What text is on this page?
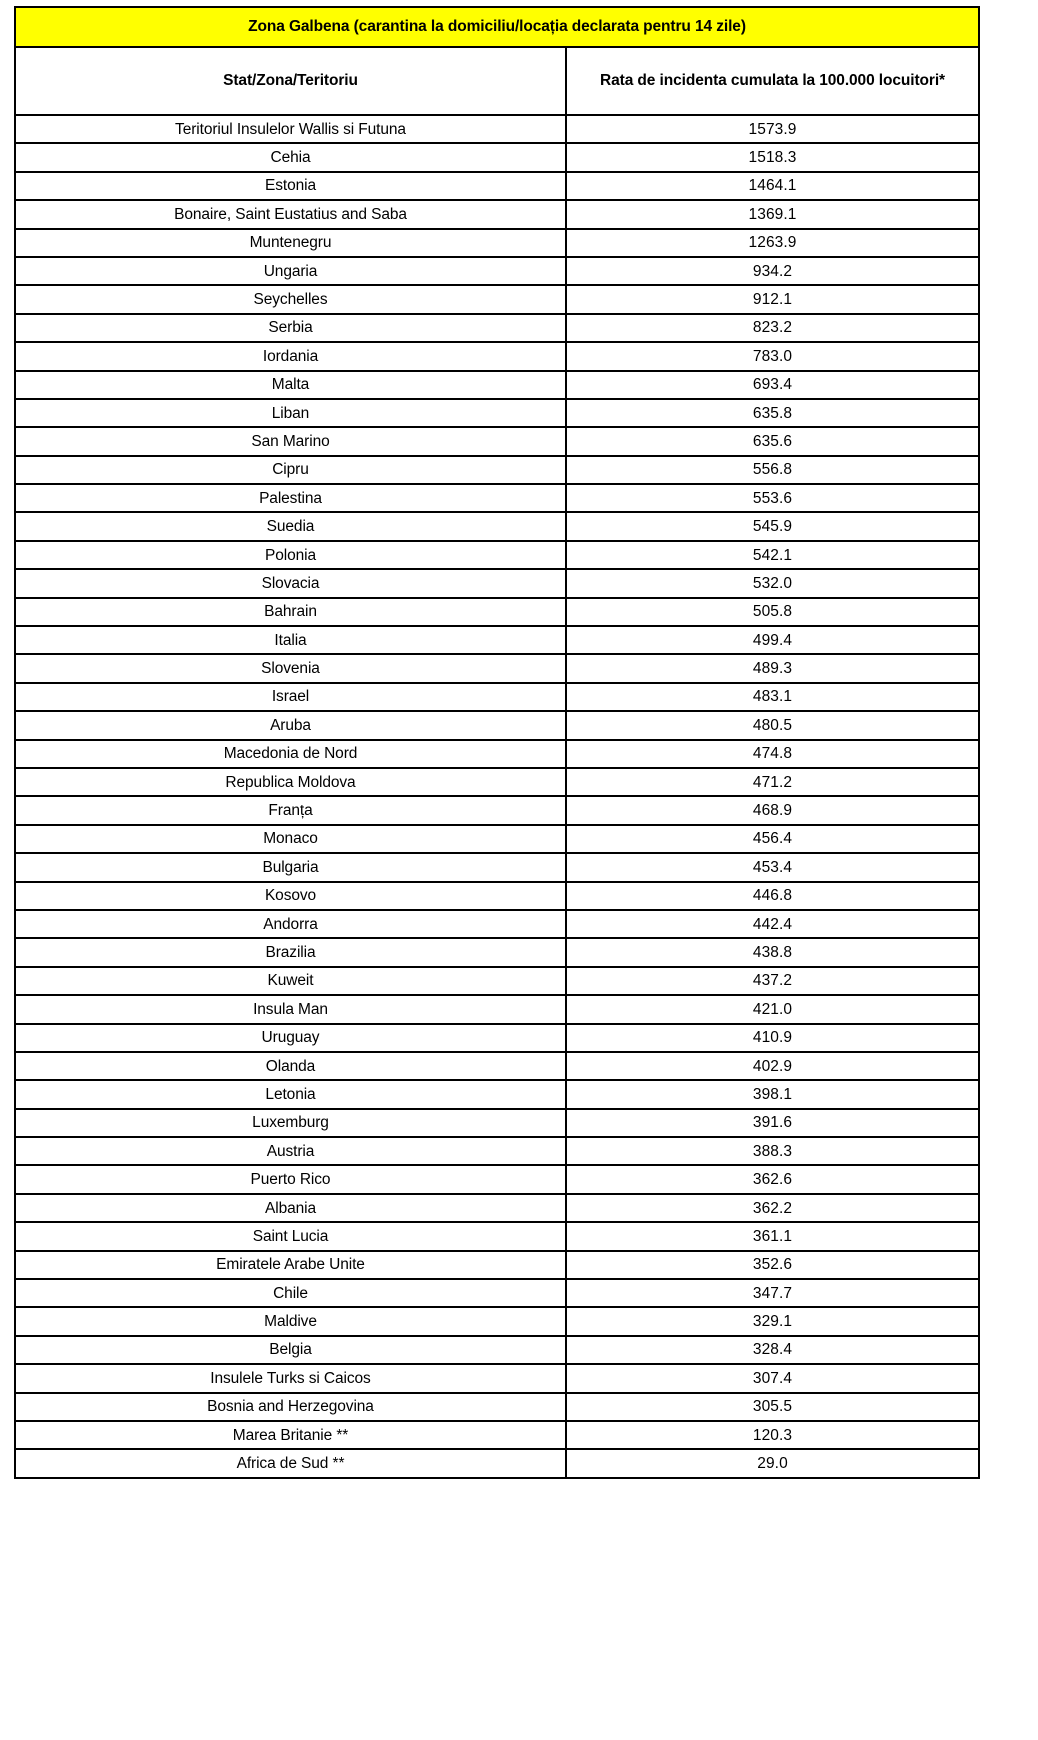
Zona Galbena (carantina la domiciliu/locația declarata pentru 14 zile)	
Stat/Zona/Teritoriu	Rata de incidenta cumulata la 100.000 locuitori*
Teritoriul Insulelor Wallis si Futuna	1573.9
Cehia	1518.3
Estonia	1464.1
Bonaire, Saint Eustatius and Saba	1369.1
Muntenegru	1263.9
Ungaria	934.2
Seychelles	912.1
Serbia	823.2
Iordania	783.0
Malta	693.4
Liban	635.8
San Marino	635.6
Cipru	556.8
Palestina	553.6
Suedia	545.9
Polonia	542.1
Slovacia	532.0
Bahrain	505.8
Italia	499.4
Slovenia	489.3
Israel	483.1
Aruba	480.5
Macedonia de Nord	474.8
Republica Moldova	471.2
Franța	468.9
Monaco	456.4
Bulgaria	453.4
Kosovo	446.8
Andorra	442.4
Brazilia	438.8
Kuweit	437.2
Insula Man	421.0
Uruguay	410.9
Olanda	402.9
Letonia	398.1
Luxemburg	391.6
Austria	388.3
Puerto Rico	362.6
Albania	362.2
Saint Lucia	361.1
Emiratele Arabe Unite	352.6
Chile	347.7
Maldive	329.1
Belgia	328.4
Insulele Turks si Caicos	307.4
Bosnia and Herzegovina	305.5
Marea Britanie **	120.3
Africa de Sud **	29.0
